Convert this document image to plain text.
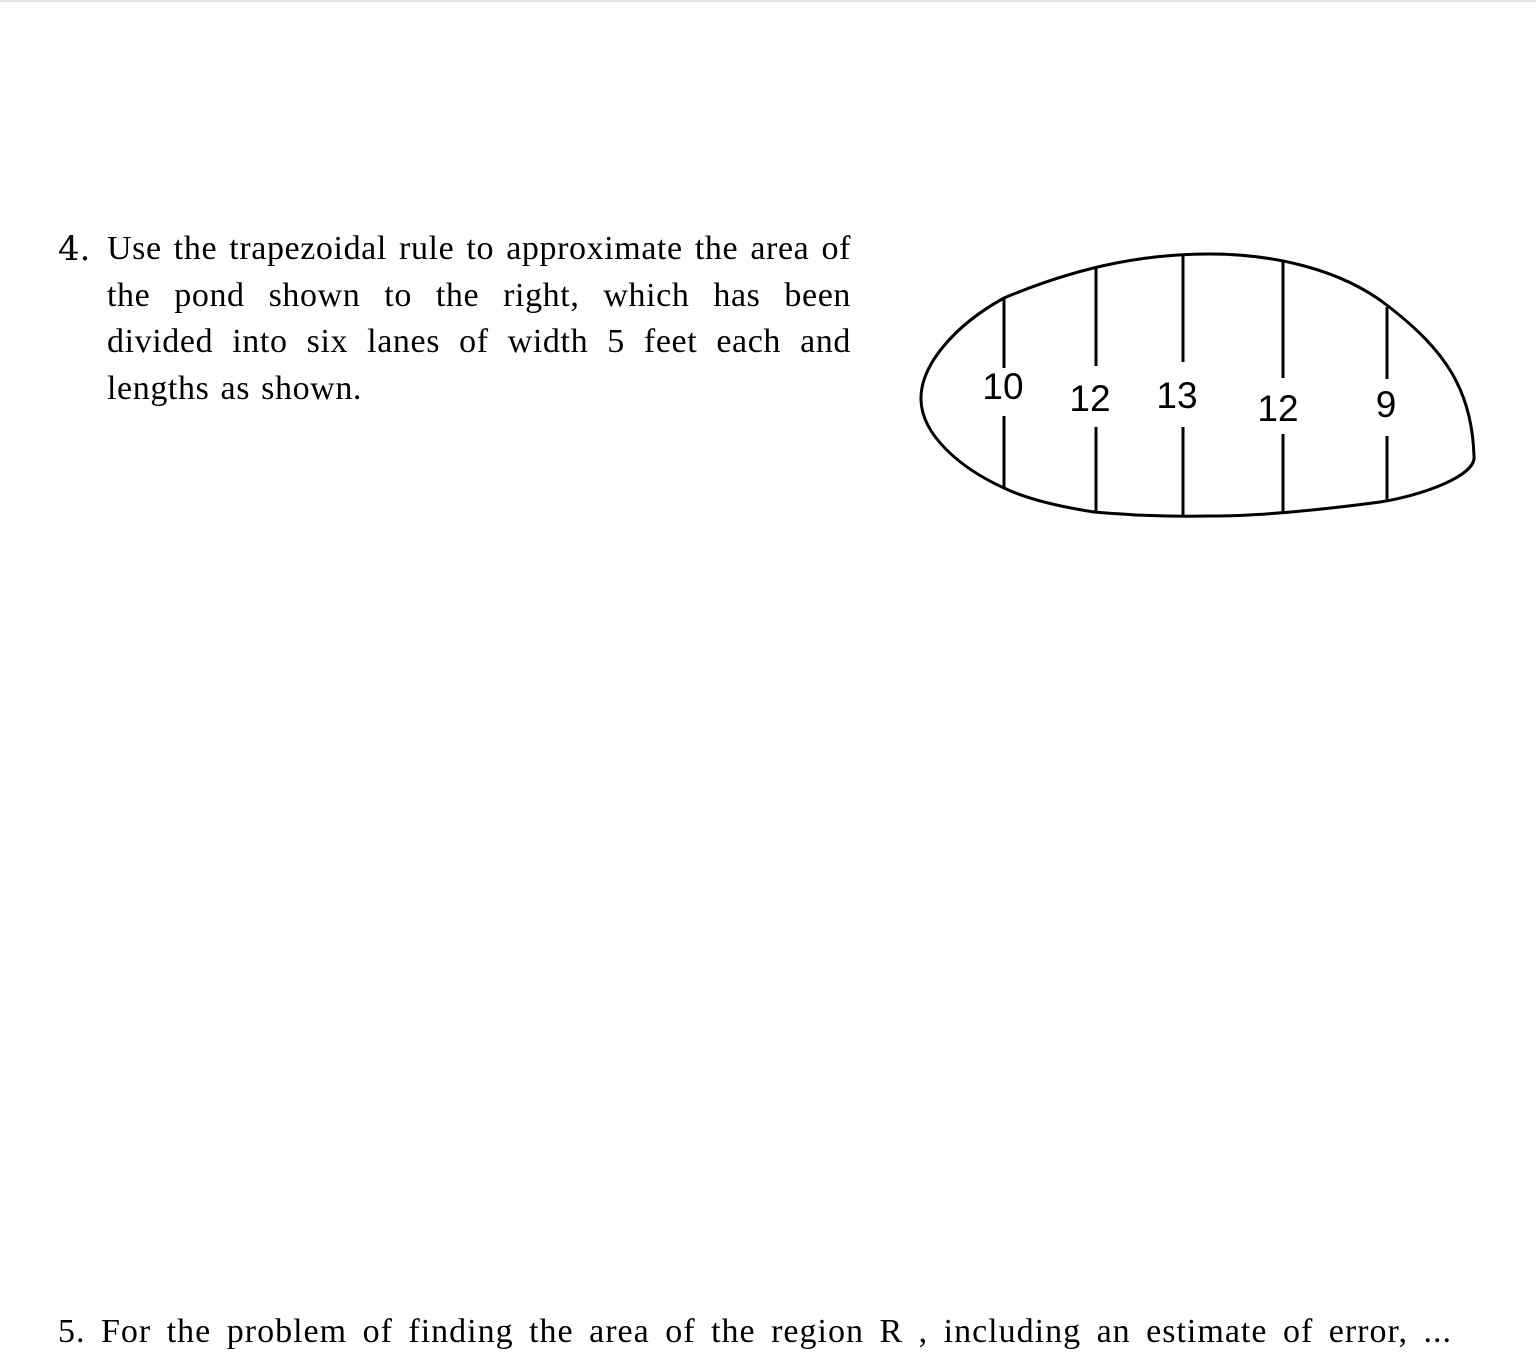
4. Use the trapezoidal rule to approximate the area of the pond shown to the right, which has been divided into six lanes of width 5 feet each and lengths as shown.	10 12 13 12 9
5. For the problem of finding the area of the region R , including an estimate of error, ...
